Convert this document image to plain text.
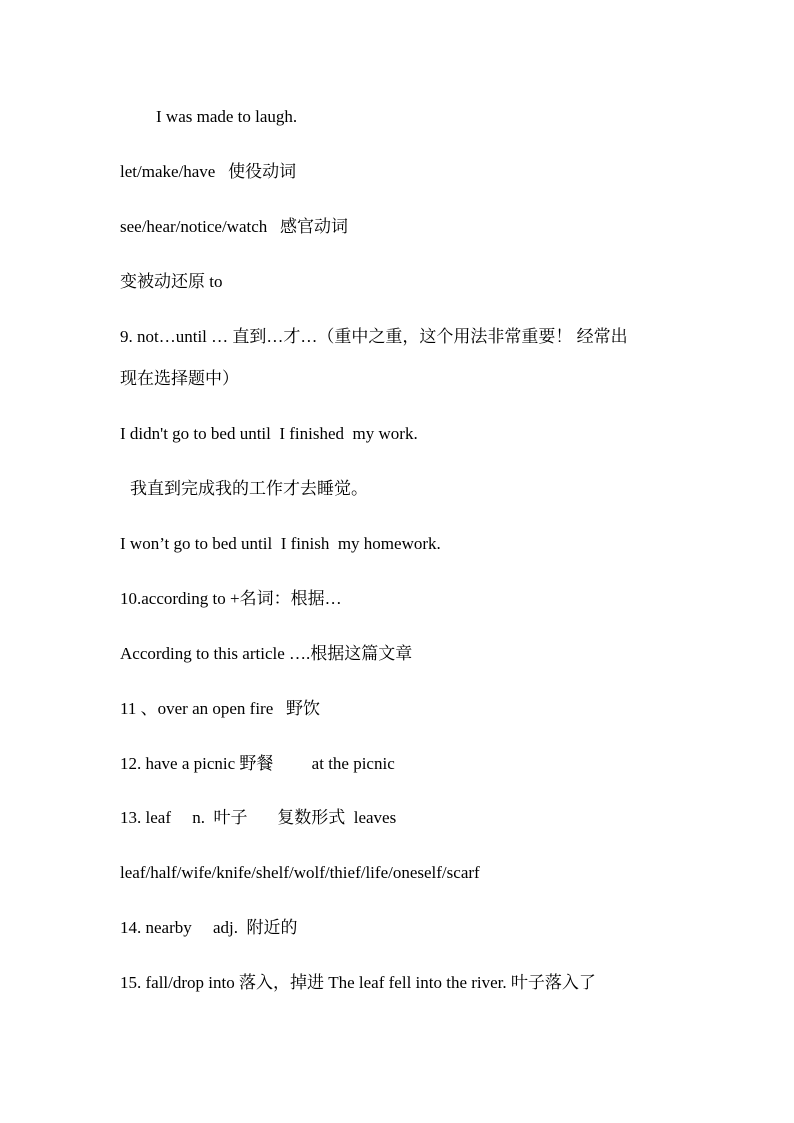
I was made to laugh.
let/make/have   使役动词
see/hear/notice/watch   感官动词
变被动还原 to
9. not…until … 直到…才…（重中之重，这个用法非常重要！ 经常出
现在选择题中）
I didn't go to bed until  I finished  my work.
我直到完成我的工作才去睡觉。
I won’t go to bed until  I finish  my homework.
10.according to +名词：根据…
According to this article ….根据这篇文章
11 、over an open fire   野饮
12. have a picnic 野餐         at the picnic
13. leaf     n.  叶子       复数形式  leaves
leaf/half/wife/knife/shelf/wolf/thief/life/oneself/scarf
14. nearby     adj.  附近的
15. fall/drop into 落入，掉进 The leaf fell into the river. 叶子落入了
